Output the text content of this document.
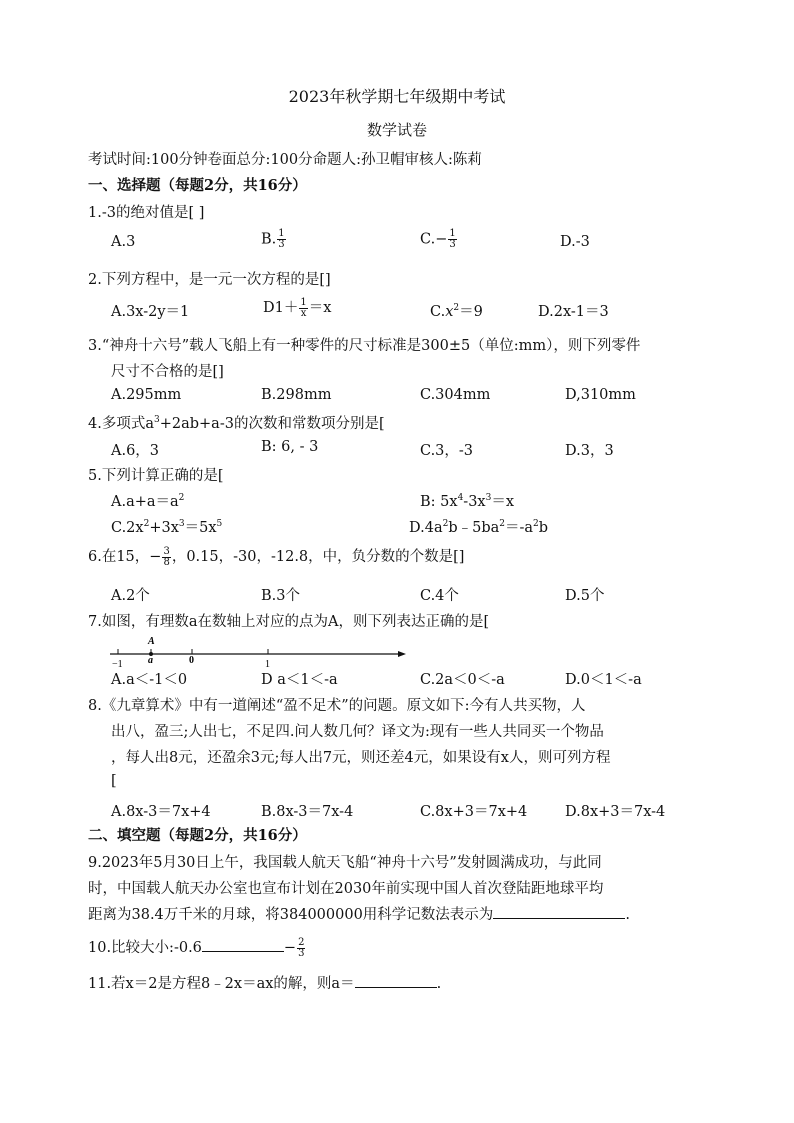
2023年秋学期七年级期中考试
数学试卷
考试时间:100分钟卷面总分:100分命题人:孙卫帽审核人:陈莉
一、选择题（每题2分，共16分）
1.-3的绝对值是[ ]
A.3	B. $\frac{1}{3}$	$C.- \frac{1}{3}$	D.-3
2.下列方程中，是一元一次方程的是[]
A.3x-2y＝1	$D1+ \frac{1}{x} =x$	$C.x^2=9$	D.2x-1＝3
3.“神舟十六号”载人飞船上有一种零件的尺寸标准是300±5（单位:mm），则下列零件
尺寸不合格的是[]
A.295mm	B.298mm	C.304mm	D,310mm
4.多项式$a^3+2ab+a-3$的次数和常数项分别是[
A.6，3	B: 6, - 3	C.3，-3	D.3，3
5.下列计算正确的是[
$A.a+a=a^2$	B: $5x^4-3x^3=x$
$C.2x^2+3x^3=5x^5$	$D.4a^2b﹣5ba^2=-a^2b$
6.在15，− $\frac{3}{8}$ ，0.15，-30，-12.8，中，负分数的个数是[]
A.2个	B.3个	C.4个	D.5个
7.如图，有理数a在数轴上对应的点为A，则下列表达正确的是[
A
−1	a	0	1
A.a＜-1＜0	D a＜1＜-a	C.2a＜0＜-a	D.0＜1＜-a
8.《九章算术》中有一道阐述“盈不足术”的问题。原文如下:今有人共买物，人
出八，盈三;人出七，不足四.问人数几何？译文为:现有一些人共同买一个物品
，每人出8元，还盈余3元;每人出7元，则还差4元，如果设有x人，则可列方程
[
A.8x-3＝7x+4	B.8x-3＝7x-4	C.8x+3＝7x+4	D.8x+3＝7x-4
二、填空题（每题2分，共16分）
9.2023年5月30日上午，我国载人航天飞船“神舟十六号”发射圆满成功，与此同
时，中国载人航天办公室也宣布计划在2030年前实现中国人首次登陆距地球平均
距离为38.4万千米的月球，将384000000用科学记数法表示为	.
10.比较大小:-0.6	− $\frac{2}{3}$
11.若x＝2是方程8﹣2x＝ax的解，则a＝	.
